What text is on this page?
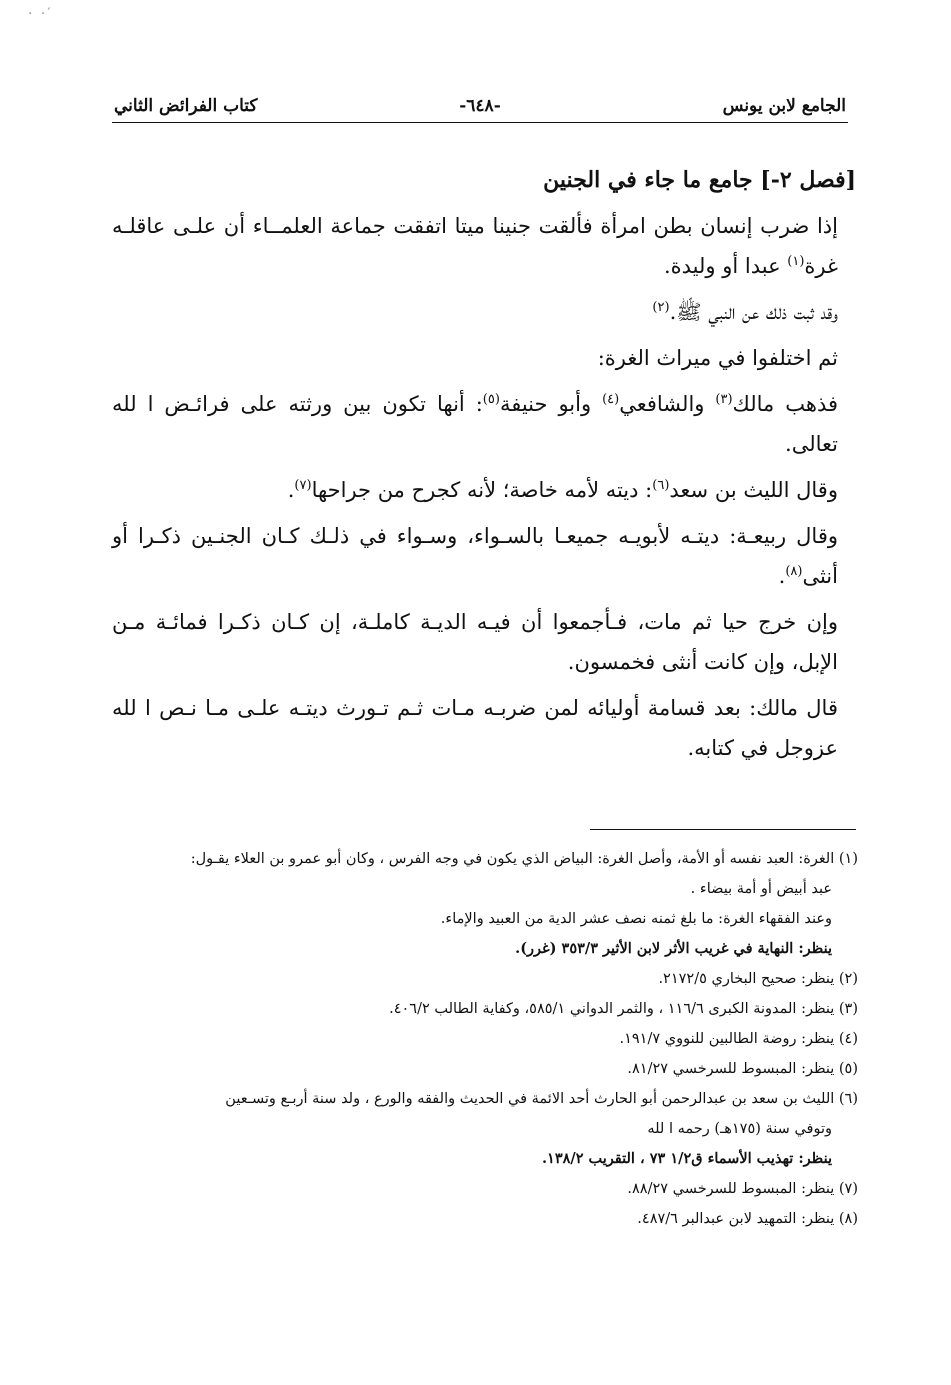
· ·′
الجامع لابن يونس
-٦٤٨-
كتاب الفرائض الثاني

[فصل ٢-] جامع ما جاء في الجنين

إذا ضرب إنسان بطن امرأة فألقت جنينا ميتا اتفقت جماعة العلمــاء أن علـى عاقلـه غرة$^{(١)}$ عبدا أو وليدة.

وقد ثبت ذلك عن النبي ﷺ.$^{(٢)}$

ثم اختلفوا في ميراث الغرة:

فذهب مالك$^{(٣)}$ والشافعي$^{(٤)}$ وأبو حنيفة$^{(٥)}$: أنها تكون بين ورثته على فرائـض ا لله تعالى.

وقال الليث بن سعد$^{(٦)}$: ديته لأمه خاصة؛ لأنه كجرح من جراحها$^{(٧)}$.

وقال ربيعـة: ديتـه لأبويـه جميعـا بالسـواء، وسـواء في ذلـك كـان الجنـين ذكـرا أو أنثى$^{(٨)}$.

وإن خرج حيا ثم مات، فـأجمعوا أن فيـه الديـة كاملـة، إن كـان ذكـرا فمائـة مـن الإبل، وإن كانت أنثى فخمسون.

قال مالك: بعد قسامة أوليائه لمن ضربـه مـات ثـم تـورث ديتـه علـى مـا نـص ا لله عزوجل في كتابه.

(١) الغرة: العبد نفسه أو الأمة، وأصل الغرة: البياض الذي يكون في وجه الفرس ، وكان أبو عمرو بن العلاء يقـول:

عبد أبيض أو أمة بيضاء .

وعند الفقهاء الغرة: ما بلغ ثمنه نصف عشر الدية من العبيد والإماء.

ينظر: النهاية في غريب الأثر لابن الأثير ٣٥٣/٣ (غرر).

(٢) ينظر: صحيح البخاري ٢١٧٢/٥.

(٣) ينظر: المدونة الكبرى ١١٦/٦ ، والثمر الدواني ٥٨٥/١، وكفاية الطالب ٤٠٦/٢.

(٤) ينظر: روضة الطالبين للنووي ١٩١/٧.

(٥) ينظر: المبسوط للسرخسي ٨١/٢٧.

(٦) الليث بن سعد بن عبدالرحمن أبو الحارث أحد الائمة في الحديث والفقه والورع ، ولد سنة أربـع وتسـعين

وتوفي سنة (١٧٥هـ) رحمه ا لله

ينظر: تهذيب الأسماء ق١/٢ ٧٣ ، التقريب ١٣٨/٢.

(٧) ينظر: المبسوط للسرخسي ٨٨/٢٧.

(٨) ينظر: التمهيد لابن عبدالبر ٤٨٧/٦.
